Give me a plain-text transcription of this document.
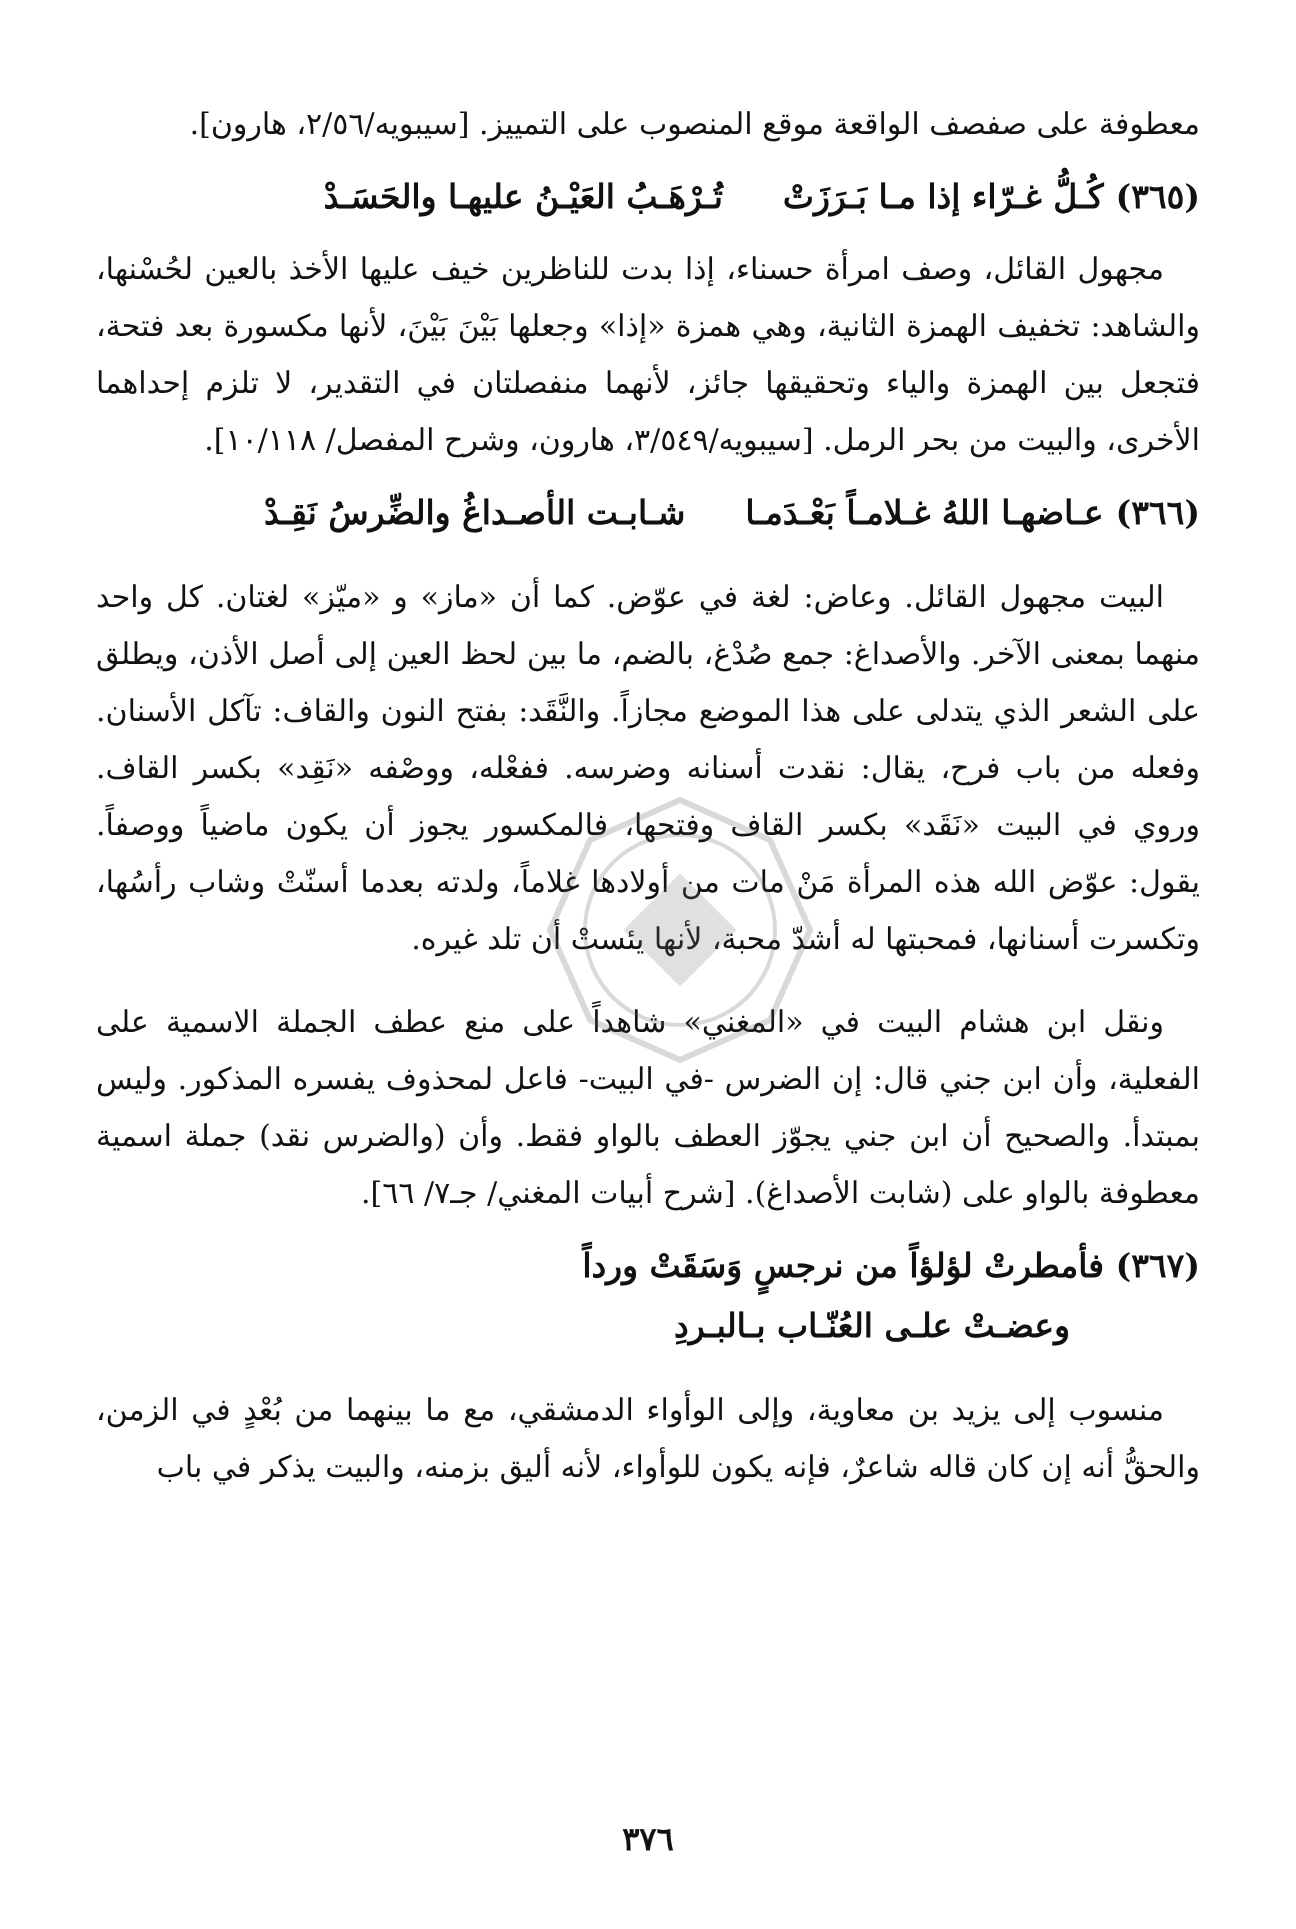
معطوفة على صفصف الواقعة موقع المنصوب على التمييز. [سيبويه/٢/٥٦، هارون].

(٣٦٥)
كُـلُّ غـرّاء إذا مـا بَـرَزَتْ
تُـرْهَـبُ العَيْـنُ عليهـا والحَسَـدْ

مجهول القائل، وصف امرأة حسناء، إذا بدت للناظرين خيف عليها الأخذ بالعين لحُسْنها، والشاهد: تخفيف الهمزة الثانية، وهي همزة «إذا» وجعلها بَيْنَ بَيْنَ، لأنها مكسورة بعد فتحة، فتجعل بين الهمزة والياء وتحقيقها جائز، لأنهما منفصلتان في التقدير، لا تلزم إحداهما الأخرى، والبيت من بحر الرمل. [سيبويه/٣/٥٤٩، هارون، وشرح المفصل/ ١٠/١١٨].

(٣٦٦)
عـاضهـا اللهُ غـلامـاً بَعْـدَمـا
شـابـت الأصـداغُ والضِّرسُ نَقِـدْ

البيت مجهول القائل. وعاض: لغة في عوّض. كما أن «ماز» و «ميّز» لغتان. كل واحد منهما بمعنى الآخر. والأصداغ: جمع صُدْغ، بالضم، ما بين لحظ العين إلى أصل الأذن، ويطلق على الشعر الذي يتدلى على هذا الموضع مجازاً. والنَّقَد: بفتح النون والقاف: تآكل الأسنان. وفعله من باب فرح، يقال: نقدت أسنانه وضرسه. ففعْله، ووصْفه «نَقِد» بكسر القاف. وروي في البيت «نَقَد» بكسر القاف وفتحها، فالمكسور يجوز أن يكون ماضياً ووصفاً. يقول: عوّض الله هذه المرأة مَنْ مات من أولادها غلاماً، ولدته بعدما أسنّتْ وشاب رأسُها، وتكسرت أسنانها، فمحبتها له أشدّ محبة، لأنها يئستْ أن تلد غيره.

ونقل ابن هشام البيت في «المغني» شاهداً على منع عطف الجملة الاسمية على الفعلية، وأن ابن جني قال: إن الضرس -في البيت- فاعل لمحذوف يفسره المذكور. وليس بمبتدأ. والصحيح أن ابن جني يجوّز العطف بالواو فقط. وأن (والضرس نقد) جملة اسمية معطوفة بالواو على (شابت الأصداغ). [شرح أبيات المغني/ جـ٧/ ٦٦].

(٣٦٧) فأمطرتْ لؤلؤاً من نرجسٍ وَسَقَتْ ورداً
وعضـتْ علـى العُنّـاب بـالبـردِ

منسوب إلى يزيد بن معاوية، وإلى الوأواء الدمشقي، مع ما بينهما من بُعْدٍ في الزمن، والحقُّ أنه إن كان قاله شاعرٌ، فإنه يكون للوأواء، لأنه أليق بزمنه، والبيت يذكر في باب

٣٧٦
